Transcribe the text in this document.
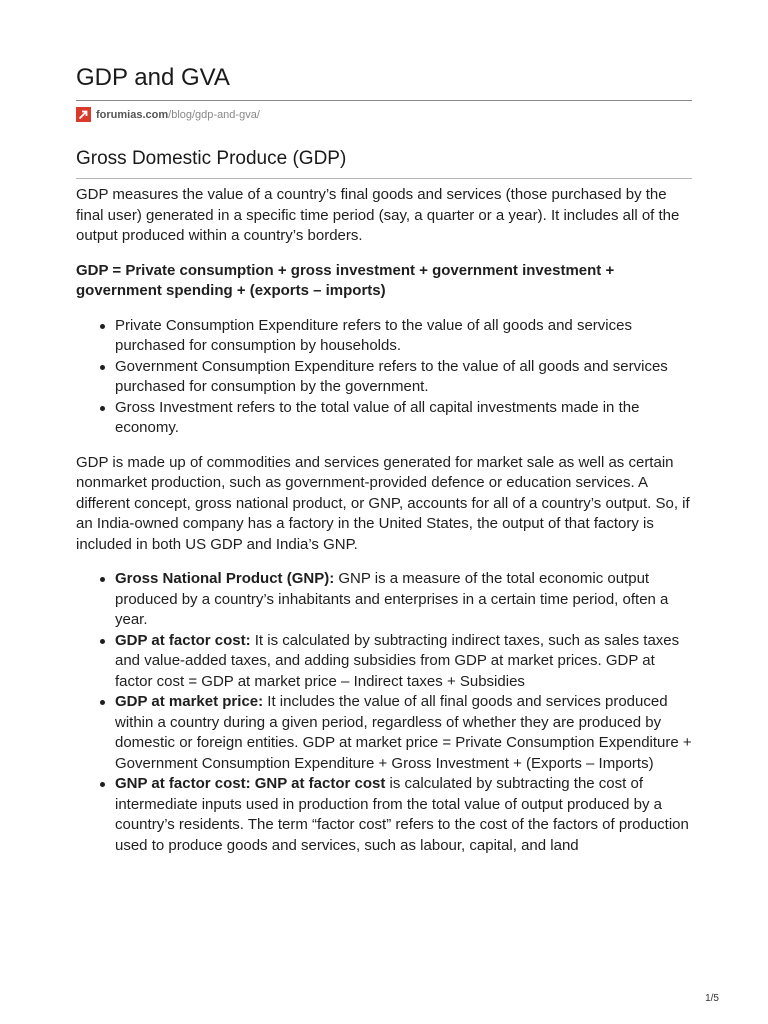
GDP and GVA
forumias.com /blog/gdp-and-gva/
Gross Domestic Produce (GDP)

GDP measures the value of a country’s final goods and services (those purchased by the final user) generated in a specific time period (say, a quarter or a year). It includes all of the output produced within a country’s borders.

GDP = Private consumption + gross investment + government investment + government spending + (exports – imports)

Private Consumption Expenditure refers to the value of all goods and services purchased for consumption by households.
Government Consumption Expenditure refers to the value of all goods and services purchased for consumption by the government.
Gross Investment refers to the total value of all capital investments made in the economy.

GDP is made up of commodities and services generated for market sale as well as certain nonmarket production, such as government-provided defence or education services. A different concept, gross national product, or GNP, accounts for all of a country’s output. So, if an India-owned company has a factory in the United States, the output of that factory is included in both US GDP and India’s GNP.

Gross National Product (GNP): GNP is a measure of the total economic output produced by a country’s inhabitants and enterprises in a certain time period, often a year.
GDP at factor cost: It is calculated by subtracting indirect taxes, such as sales taxes and value-added taxes, and adding subsidies from GDP at market prices. GDP at factor cost = GDP at market price – Indirect taxes + Subsidies
GDP at market price: It includes the value of all final goods and services produced within a country during a given period, regardless of whether they are produced by domestic or foreign entities. GDP at market price = Private Consumption Expenditure + Government Consumption Expenditure + Gross Investment + (Exports – Imports)
GNP at factor cost: GNP at factor cost is calculated by subtracting the cost of intermediate inputs used in production from the total value of output produced by a country’s residents. The term “factor cost” refers to the cost of the factors of production used to produce goods and services, such as labour, capital, and land
1/5
